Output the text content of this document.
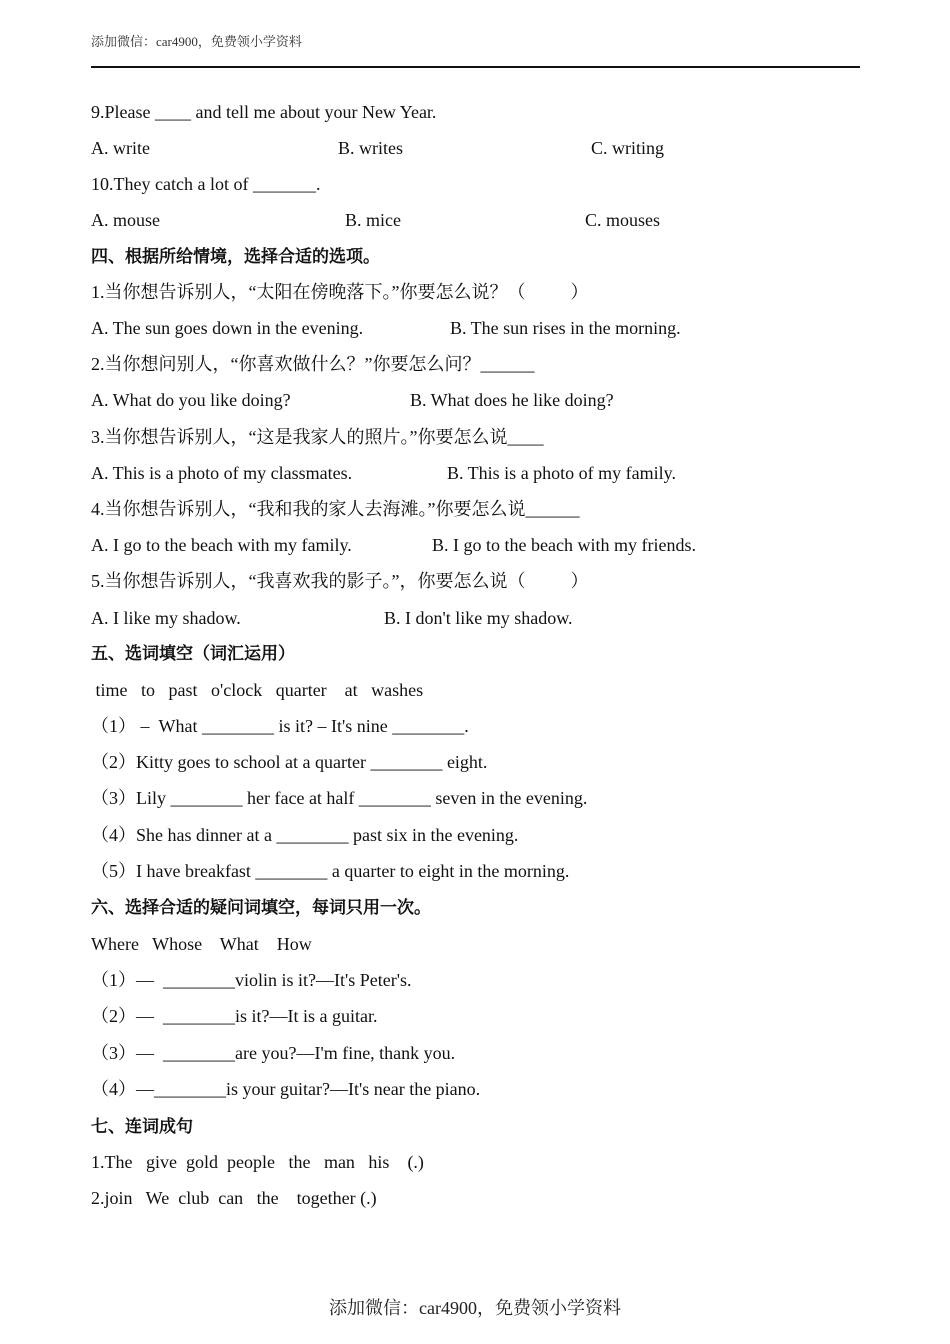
添加微信：car4900，免费领小学资料
9.Please ____ and tell me about your New Year.
A. write	B. writes	C. writing
10.They catch a lot of _______.
A. mouse	B. mice	C. mouses
四、根据所给情境，选择合适的选项。
1.当你想告诉别人，“太阳在傍晚落下。”你要怎么说？（          ）
A. The sun goes down in the evening.	B. The sun rises in the morning.
2.当你想问别人，“你喜欢做什么？”你要怎么问？______
A. What do you like doing?	B. What does he like doing?
3.当你想告诉别人，“这是我家人的照片。”你要怎么说____
A. This is a photo of my classmates.	B. This is a photo of my family.
4.当你想告诉别人，“我和我的家人去海滩。”你要怎么说______
A. I go to the beach with my family.	B. I go to the beach with my friends.
5.当你想告诉别人，“我喜欢我的影子。”，你要怎么说（          ）
A. I like my shadow.	B. I don't like my shadow.
五、选词填空（词汇运用）
time   to   past   o'clock   quarter    at   washes
（1） –  What ________ is it? – It's nine ________.
（2）Kitty goes to school at a quarter ________ eight.
（3）Lily ________ her face at half ________ seven in the evening.
（4）She has dinner at a ________ past six in the evening.
（5）I have breakfast ________ a quarter to eight in the morning.
六、选择合适的疑问词填空，每词只用一次。
Where   Whose    What    How
（1）—  ________violin is it?—It's Peter's.
（2）—  ________is it?—It is a guitar.
（3）—  ________are you?—I'm fine, thank you.
（4）—________is your guitar?—It's near the piano.
七、连词成句
1.The   give  gold  people   the   man   his    (.)
2.join   We  club  can   the    together (.)
添加微信：car4900，免费领小学资料
